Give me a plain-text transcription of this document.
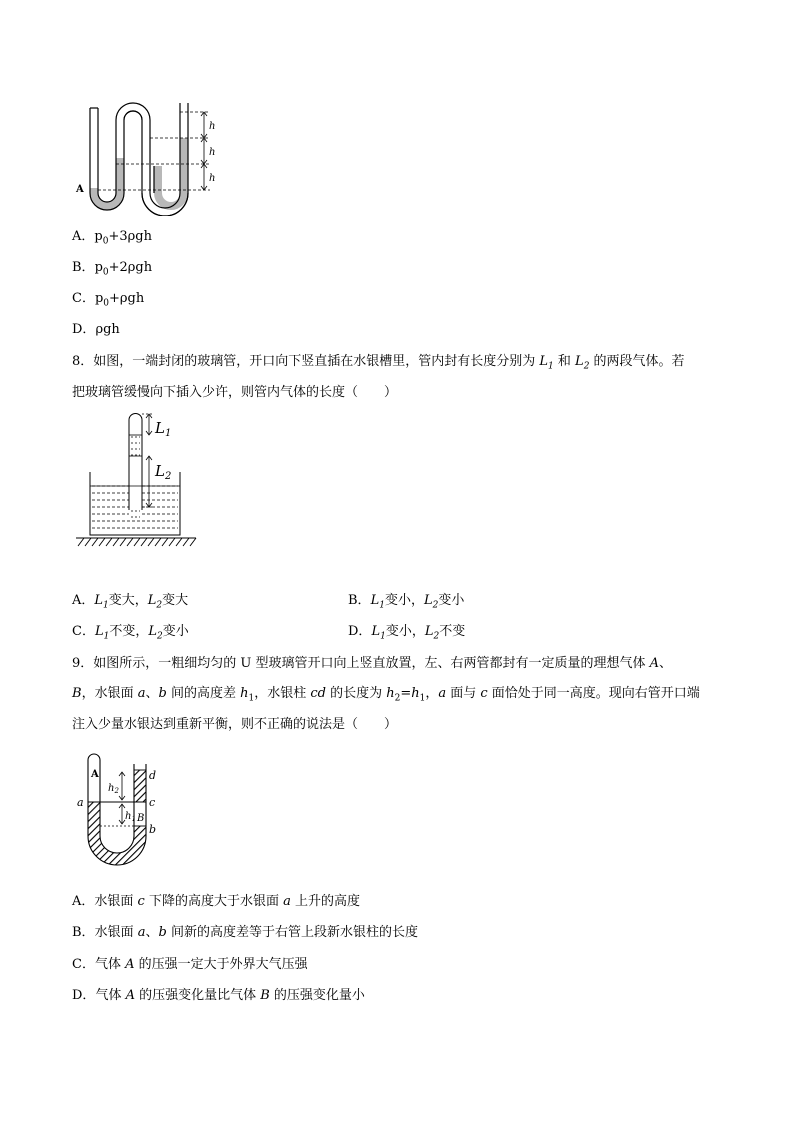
h
h
h
A
A．$p_0+3\rho gh$
B．$p_0+2\rho gh$
C．$p_0+\rho gh$
D．ρgh
8．如图，一端封闭的玻璃管，开口向下竖直插在水银槽里，管内封有长度分别为 $L_1$ 和 $L_2$ 的两段气体。若
把玻璃管缓慢向下插入少许，则管内气体的长度（　　）
$L_1$
$L_2$
A．$L_1$变大，$L_2$变大	B．$L_1$变小，$L_2$变小
C．$L_1$不变，$L_2$变小	D．$L_1$变小，$L_2$不变
9．如图所示，一粗细均匀的 U 型玻璃管开口向上竖直放置，左、右两管都封有一定质量的理想气体 A、
B，水银面 a、b 间的高度差 $h_1$，水银柱 cd 的长度为 $h_2=h_1$，a 面与 c 面恰处于同一高度。现向右管开口端
注入少量水银达到重新平衡，则不正确的说法是（　　）
A
B
a
b
c
d
$h_2$
$h_1$
A．水银面 c 下降的高度大于水银面 a 上升的高度
B．水银面 a、b 间新的高度差等于右管上段新水银柱的长度
C．气体 A 的压强一定大于外界大气压强
D．气体 A 的压强变化量比气体 B 的压强变化量小
